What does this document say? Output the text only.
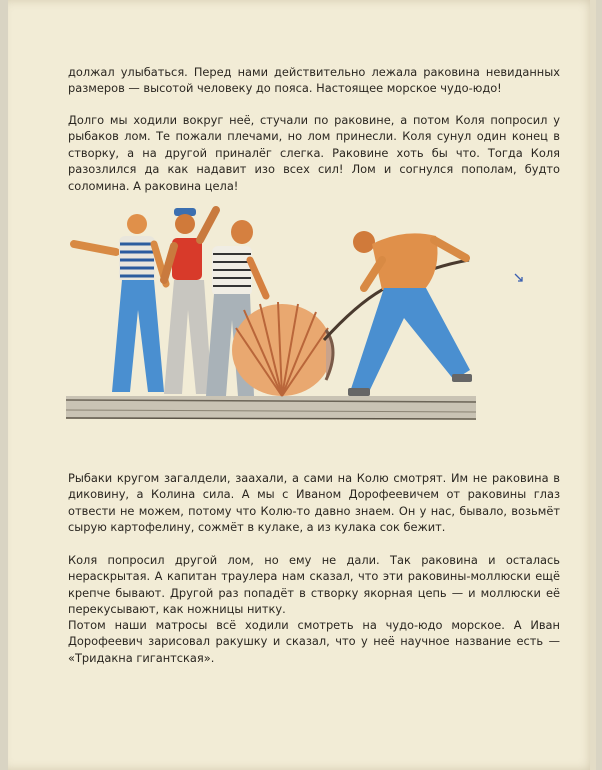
должал улыбаться. Перед нами действительно лежала раковина невиданных размеров — высотой человеку до пояса. Настоящее морское чудо-юдо!

Долго мы ходили вокруг неё, стучали по раковине, а потом Коля попросил у рыбаков лом. Те пожали плечами, но лом принесли. Коля сунул один конец в створку, а на другой приналёг слегка. Раковине хоть бы что. Тогда Коля разозлился да как надавит изо всех сил! Лом и согнулся пополам, будто соломина. А раковина цела!

Рыбаки кругом загалдели, заахали, а сами на Колю смотрят. Им не раковина в диковину, а Колина сила. А мы с Иваном Дорофеевичем от раковины глаз отвести не можем, потому что Колю-то давно знаем. Он у нас, бывало, возьмёт сырую картофелину, сожмёт в кулаке, а из кулака сок бежит.

Коля попросил другой лом, но ему не дали. Так раковина и осталась нераскрытая. А капитан траулера нам сказал, что эти раковины-моллюски ещё крепче бывают. Другой раз попадёт в створку якорная цепь — и моллюски её перекусывают, как ножницы нитку.

Потом наши матросы всё ходили смотреть на чудо-юдо морское. А Иван Дорофеевич зарисовал ракушку и сказал, что у неё научное название есть — «Тридакна гигантская».
